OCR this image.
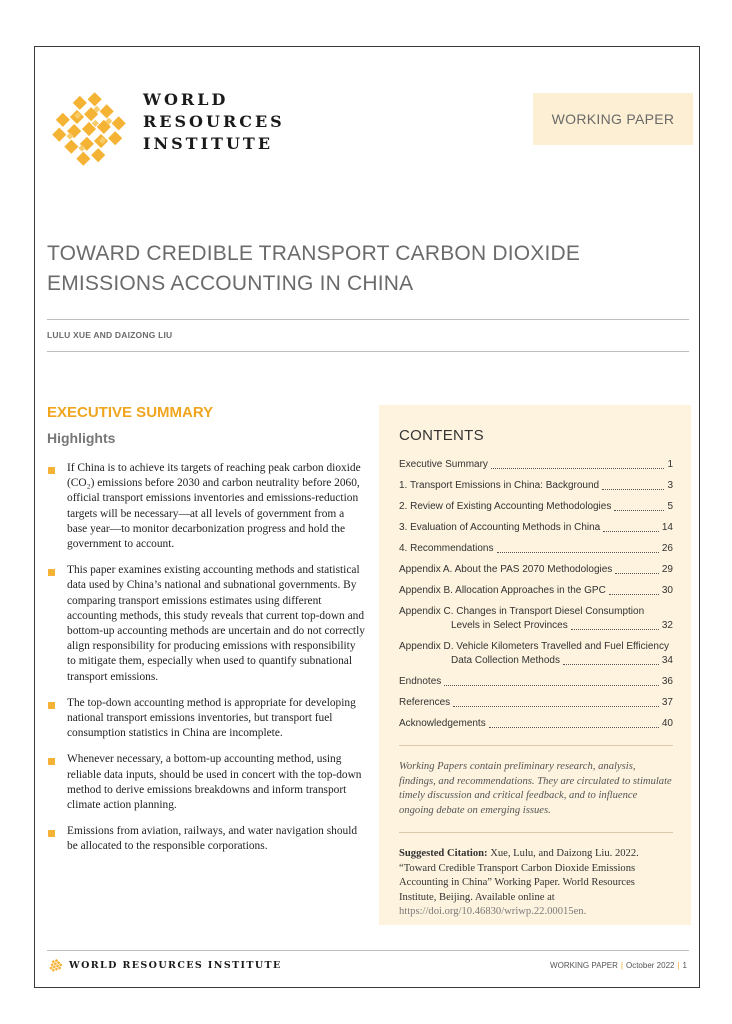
WORLD
RESOURCES
INSTITUTE
WORKING PAPER
TOWARD CREDIBLE TRANSPORT CARBON DIOXIDE
EMISSIONS ACCOUNTING IN CHINA
LULU XUE AND DAIZONG LIU
EXECUTIVE SUMMARY
Highlights
If China is to achieve its targets of reaching peak carbon dioxide (CO₂) emissions before 2030 and carbon neutrality before 2060, official transport emissions inventories and emissions-reduction targets will be necessary—at all levels of government from a base year—to monitor decarbonization progress and hold the government to account.
This paper examines existing accounting methods and statistical data used by China’s national and subnational governments. By comparing transport emissions estimates using different accounting methods, this study reveals that current top-down and bottom-up accounting methods are uncertain and do not correctly align responsibility for producing emissions with responsibility to mitigate them, especially when used to quantify subnational transport emissions.
The top-down accounting method is appropriate for developing national transport emissions inventories, but transport fuel consumption statistics in China are incomplete.
Whenever necessary, a bottom-up accounting method, using reliable data inputs, should be used in concert with the top-down method to derive emissions breakdowns and inform transport climate action planning.
Emissions from aviation, railways, and water navigation should be allocated to the responsible corporations.
CONTENTS
Executive Summary	1
1. Transport Emissions in China: Background	3
2. Review of Existing Accounting Methodologies	5
3. Evaluation of Accounting Methods in China	14
4. Recommendations	26
Appendix A. About the PAS 2070 Methodologies	29
Appendix B. Allocation Approaches in the GPC	30
Appendix C. Changes in Transport Diesel Consumption
Levels in Select Provinces	32
Appendix D. Vehicle Kilometers Travelled and Fuel Efficiency
Data Collection Methods	34
Endnotes	36
References	37
Acknowledgements	40

Working Papers contain preliminary research, analysis, findings, and recommendations. They are circulated to stimulate timely discussion and critical feedback, and to influence ongoing debate on emerging issues.

Suggested Citation: Xue, Lulu, and Daizong Liu. 2022. “Toward Credible Transport Carbon Dioxide Emissions Accounting in China” Working Paper. World Resources Institute, Beijing. Available online at https://doi.org/10.46830/wriwp.22.00015en.

WORLD RESOURCES INSTITUTE	WORKING PAPER | October 2022 | 1
